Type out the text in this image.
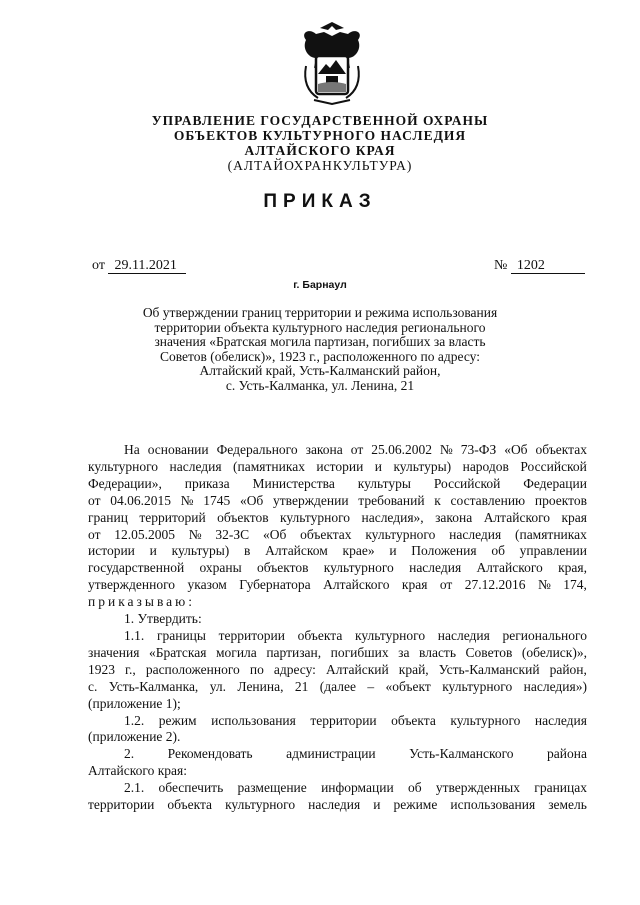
УПРАВЛЕНИЕ ГОСУДАРСТВЕННОЙ ОХРАНЫ
ОБЪЕКТОВ КУЛЬТУРНОГО НАСЛЕДИЯ
АЛТАЙСКОГО КРАЯ
(АЛТАЙОХРАНКУЛЬТУРА)
ПРИКАЗ
от 29.11.2021	№ 1202
г. Барнаул
Об утверждении границ территории и режима использования
территории объекта культурного наследия регионального
значения «Братская могила партизан, погибших за власть
Советов (обелиск)», 1923 г., расположенного по адресу:
Алтайский край, Усть-Калманский район,
с. Усть-Калманка, ул. Ленина, 21
На основании Федерального закона от 25.06.2002 № 73-ФЗ «Об объектах
культурного наследия (памятниках истории и культуры) народов Российской
Федерации», приказа Министерства культуры Российской Федерации
от 04.06.2015 № 1745 «Об утверждении требований к составлению проектов
границ территорий объектов культурного наследия», закона Алтайского края
от 12.05.2005 № 32-ЗС «Об объектах культурного наследия (памятниках
истории и культуры) в Алтайском крае» и Положения об управлении
государственной охраны объектов культурного наследия Алтайского края,
утвержденного указом Губернатора Алтайского края от 27.12.2016 № 174,
приказываю:
1. Утвердить:
1.1. границы территории объекта культурного наследия регионального
значения «Братская могила партизан, погибших за власть Советов (обелиск)»,
1923 г., расположенного по адресу: Алтайский край, Усть-Калманский район,
с. Усть-Калманка, ул. Ленина, 21 (далее – «объект культурного наследия»)
(приложение 1);
1.2. режим использования территории объекта культурного наследия
(приложение 2).
2. Рекомендовать администрации Усть-Калманского района
Алтайского края:
2.1. обеспечить размещение информации об утвержденных границах
территории объекта культурного наследия и режиме использования земель
